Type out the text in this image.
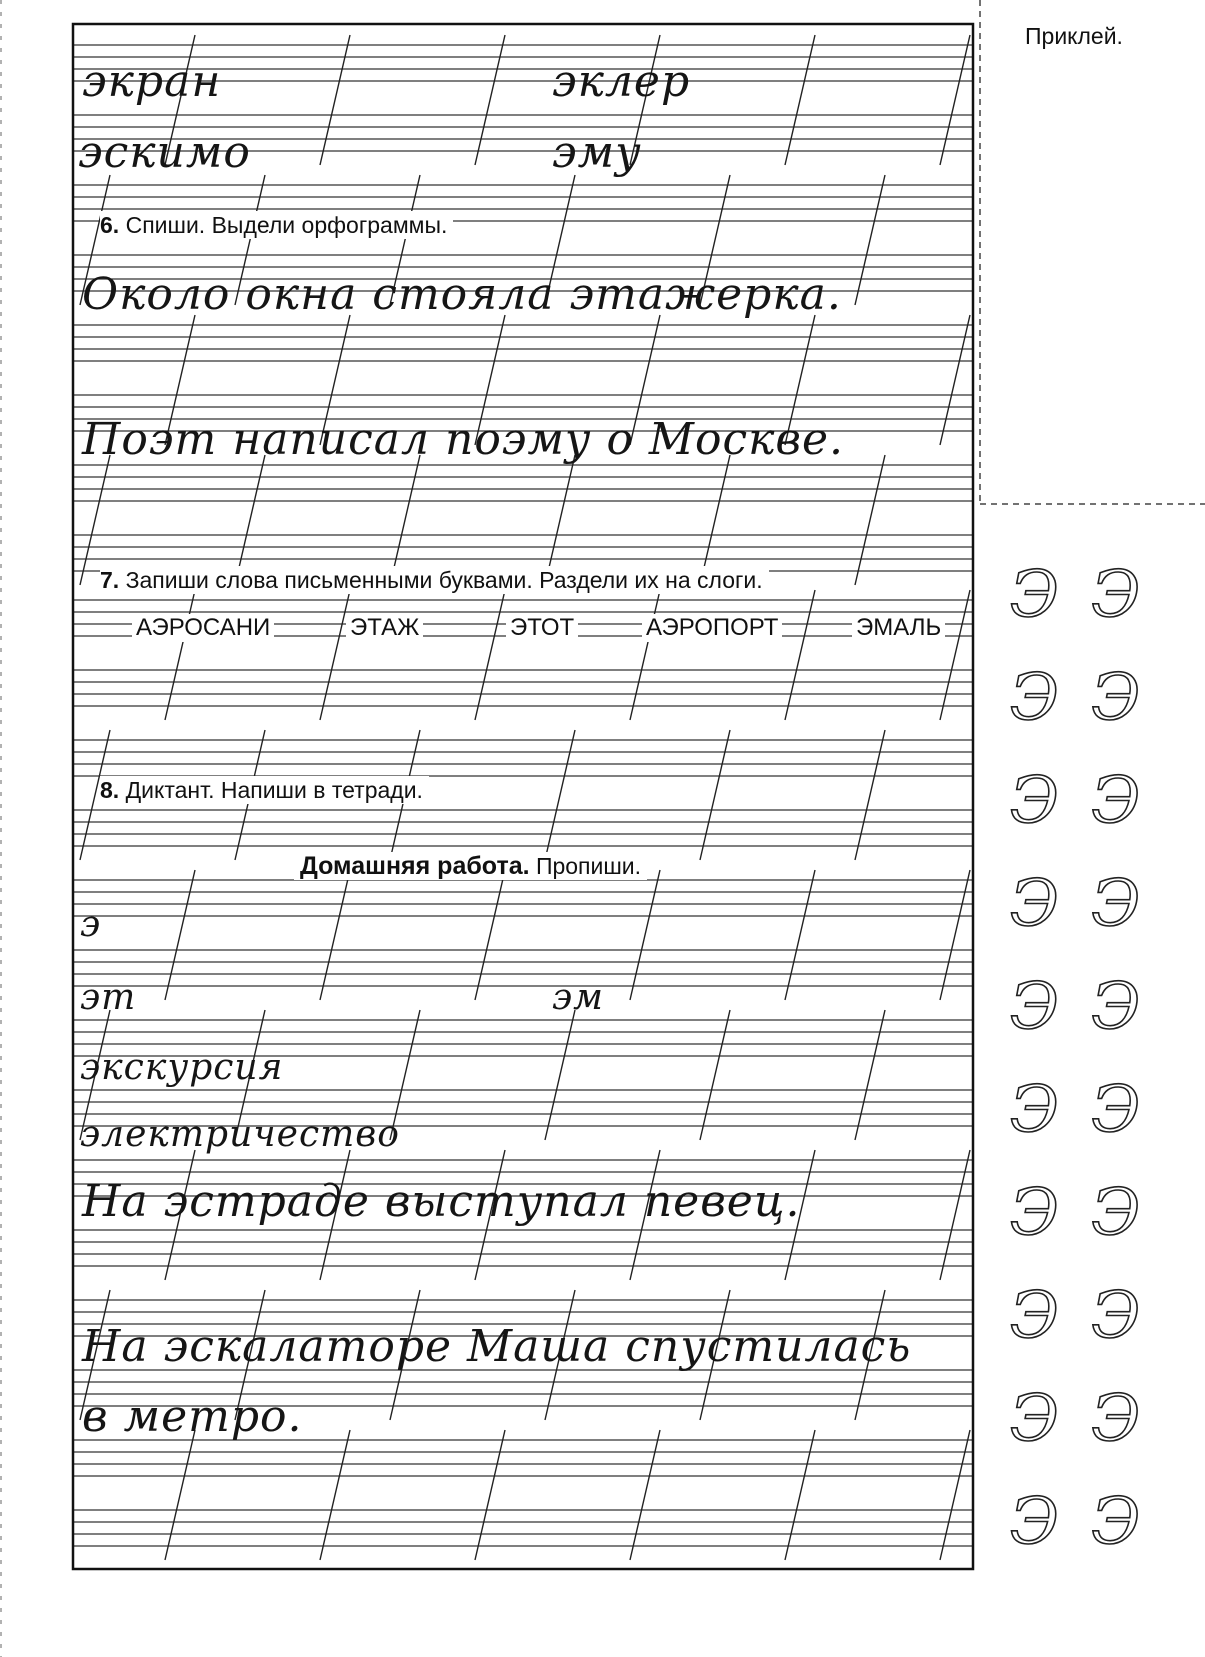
Приклей.
экран	эклер
эскимо	эму
6. Спиши. Выдели орфограммы.
Около окна стояла этажерка.
Поэт написал поэму о Москве.
7. Запиши слова письменными буквами. Раздели их на слоги.
АЭРОСАНИ	ЭТАЖ	ЭТОТ	АЭРОПОРТ	ЭМАЛЬ
8. Диктант. Напиши в тетради.
Домашняя работа. Пропиши.
э
эт	эм
экскурсия
электричество
На эстраде выступал певец.
На эскалаторе Маша спустилась
в метро.
Э Э
Э Э
Э Э
Э Э
Э Э
Э Э
Э Э
Э Э
Э Э
Э Э
